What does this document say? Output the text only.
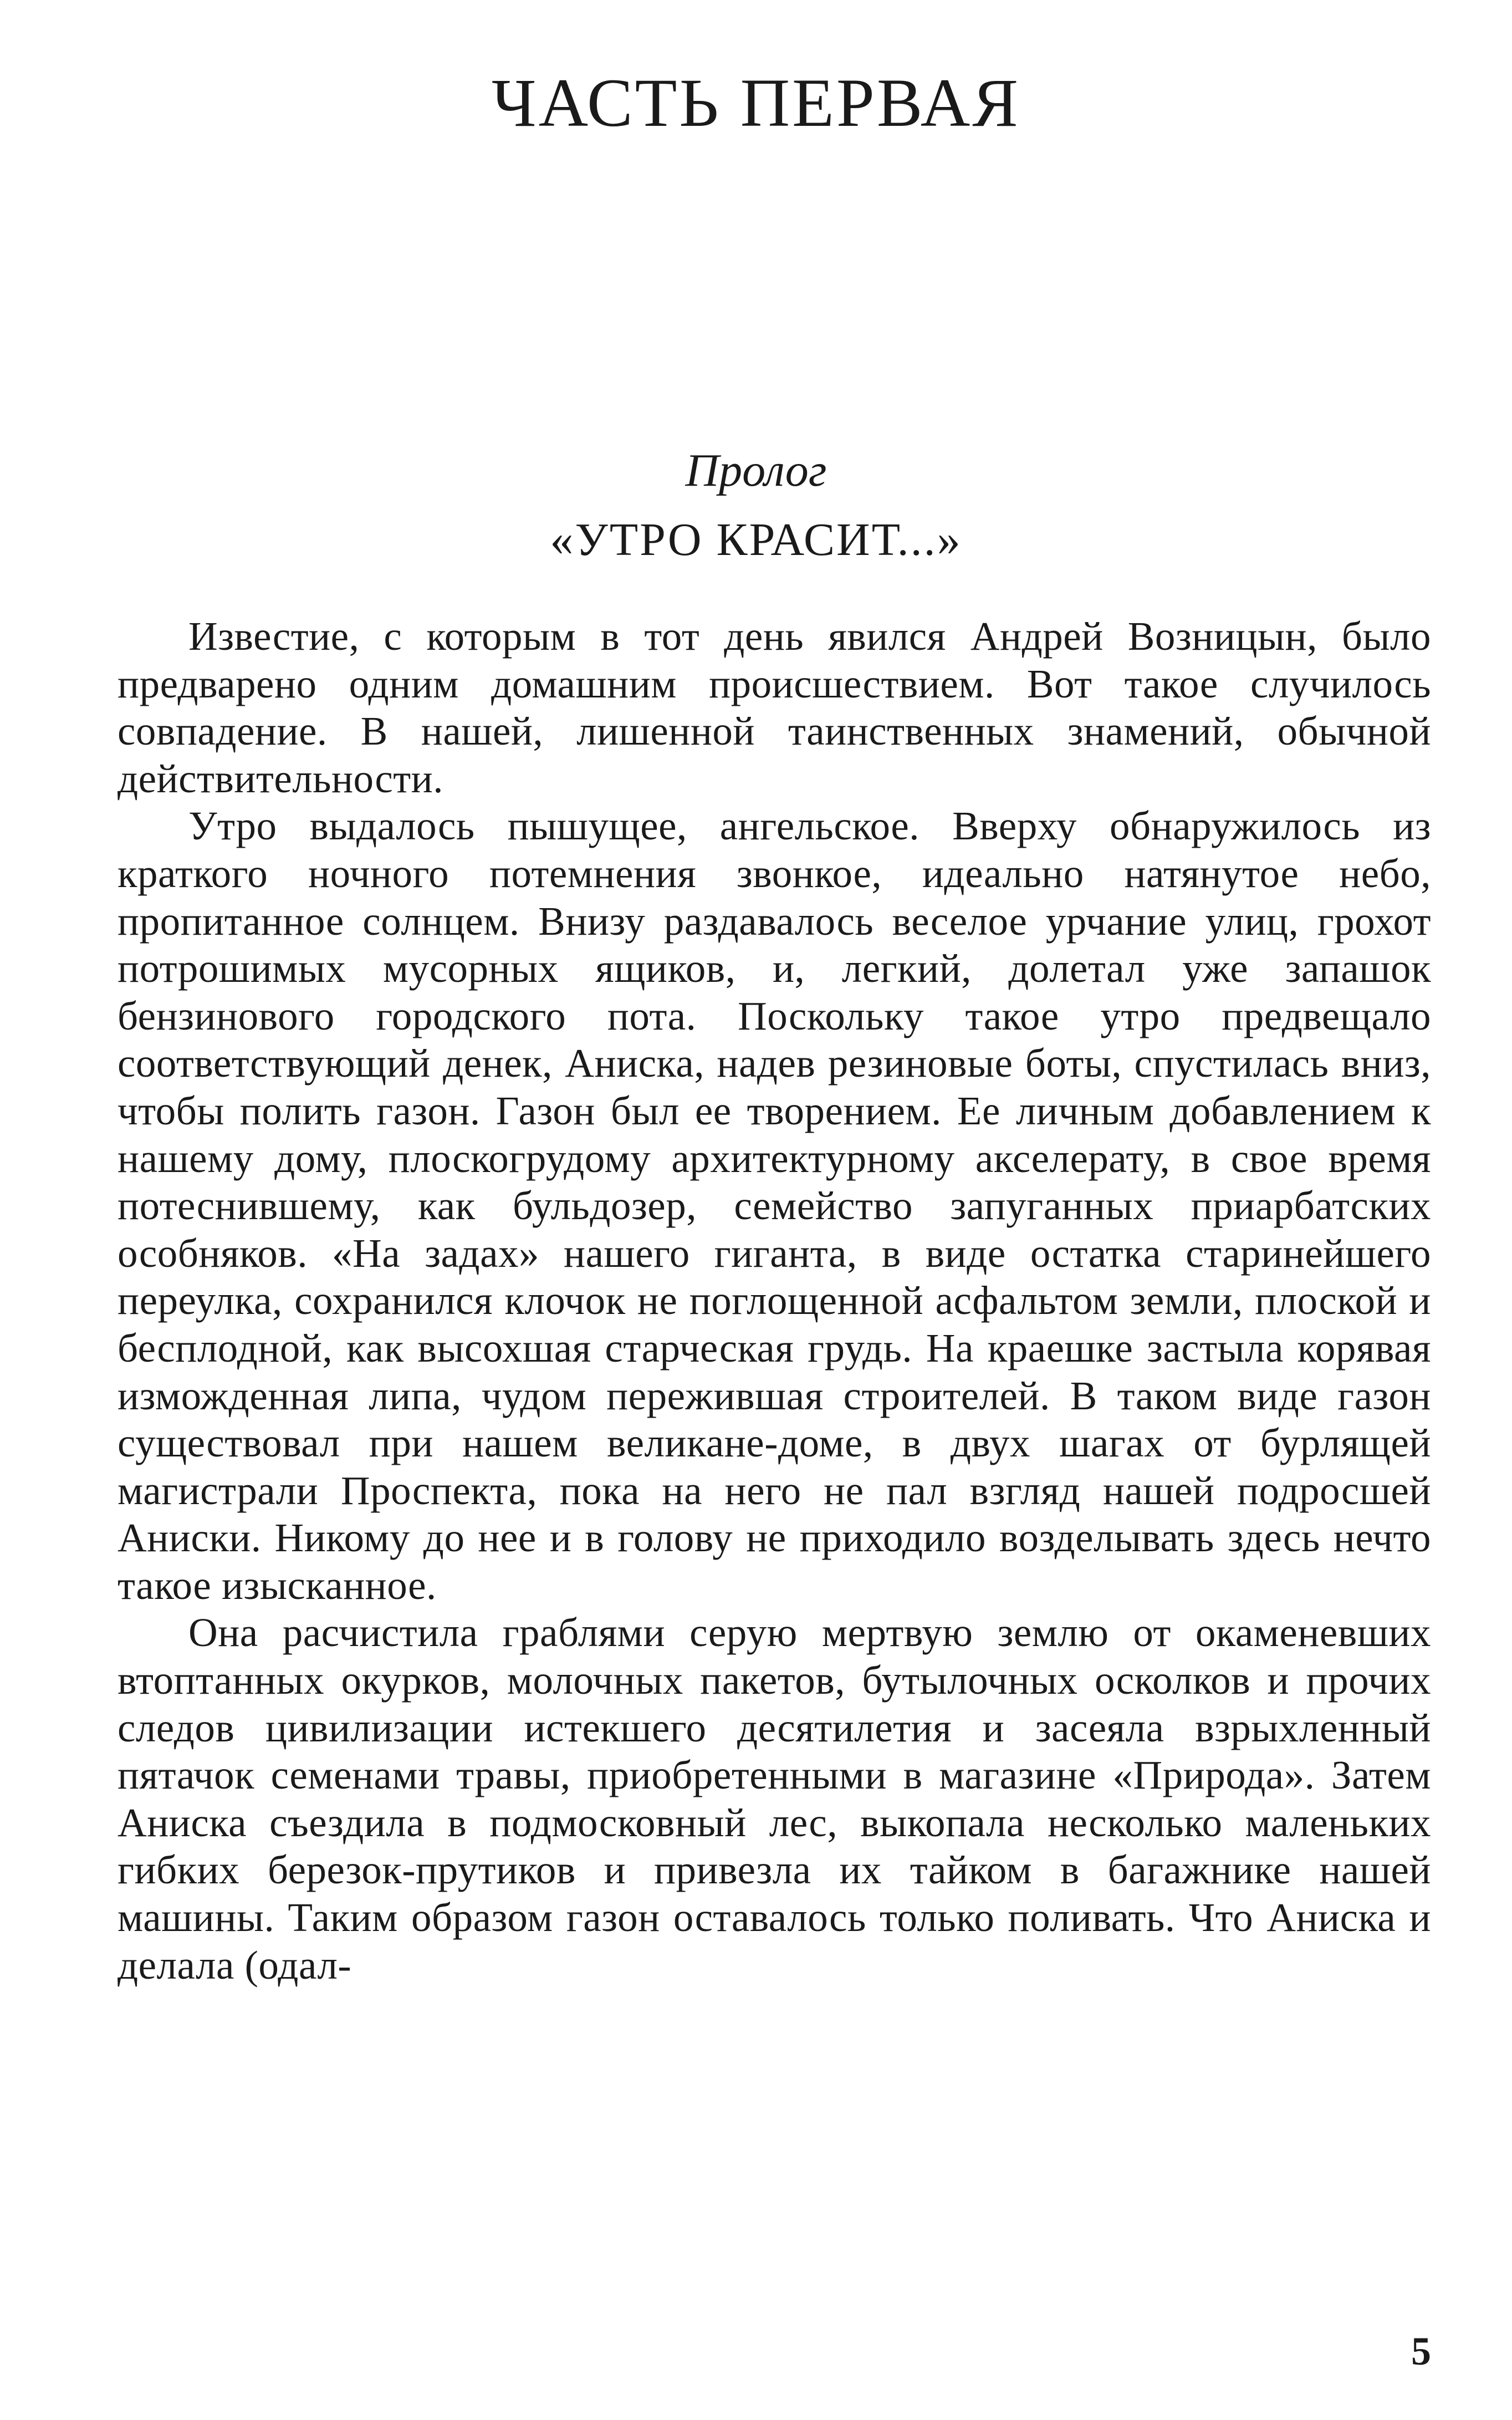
ЧАСТЬ ПЕРВАЯ
Пролог
«УТРО КРАСИТ...»

Известие, с которым в тот день явился Андрей Возницын, было предварено одним домашним происшествием. Вот такое случилось совпадение. В нашей, лишенной таинственных знамений, обычной действительности.

Утро выдалось пышущее, ангельское. Вверху обнаружилось из краткого ночного потемнения звонкое, идеально натянутое небо, пропитанное солнцем. Внизу раздавалось веселое урчание улиц, грохот потрошимых мусорных ящиков, и, легкий, долетал уже запашок бензинового городского пота. Поскольку такое утро предвещало соответствующий денек, Аниска, надев резиновые боты, спустилась вниз, чтобы полить газон. Газон был ее творением. Ее личным добавлением к нашему дому, плоскогрудому архитектурному акселерату, в свое время потеснившему, как бульдозер, семейство запуганных приарбатских особняков. «На задах» нашего гиганта, в виде остатка старинейшего переулка, сохранился клочок не поглощенной асфальтом земли, плоской и бесплодной, как высохшая старческая грудь. На краешке застыла корявая изможденная липа, чудом пережившая строителей. В таком виде газон существовал при нашем великане-доме, в двух шагах от бурлящей магистрали Проспекта, пока на него не пал взгляд нашей подросшей Аниски. Никому до нее и в голову не приходило возделывать здесь нечто такое изысканное.

Она расчистила граблями серую мертвую землю от окаменевших втоптанных окурков, молочных пакетов, бутылочных осколков и прочих следов цивилизации истекшего десятилетия и засеяла взрыхленный пятачок семенами травы, приобретенными в магазине «Природа». Затем Аниска съездила в подмосковный лес, выкопала несколько маленьких гибких березок-прутиков и привезла их тайком в багажнике нашей машины. Таким образом газон оставалось только поливать. Что Аниска и делала (одал-

5
